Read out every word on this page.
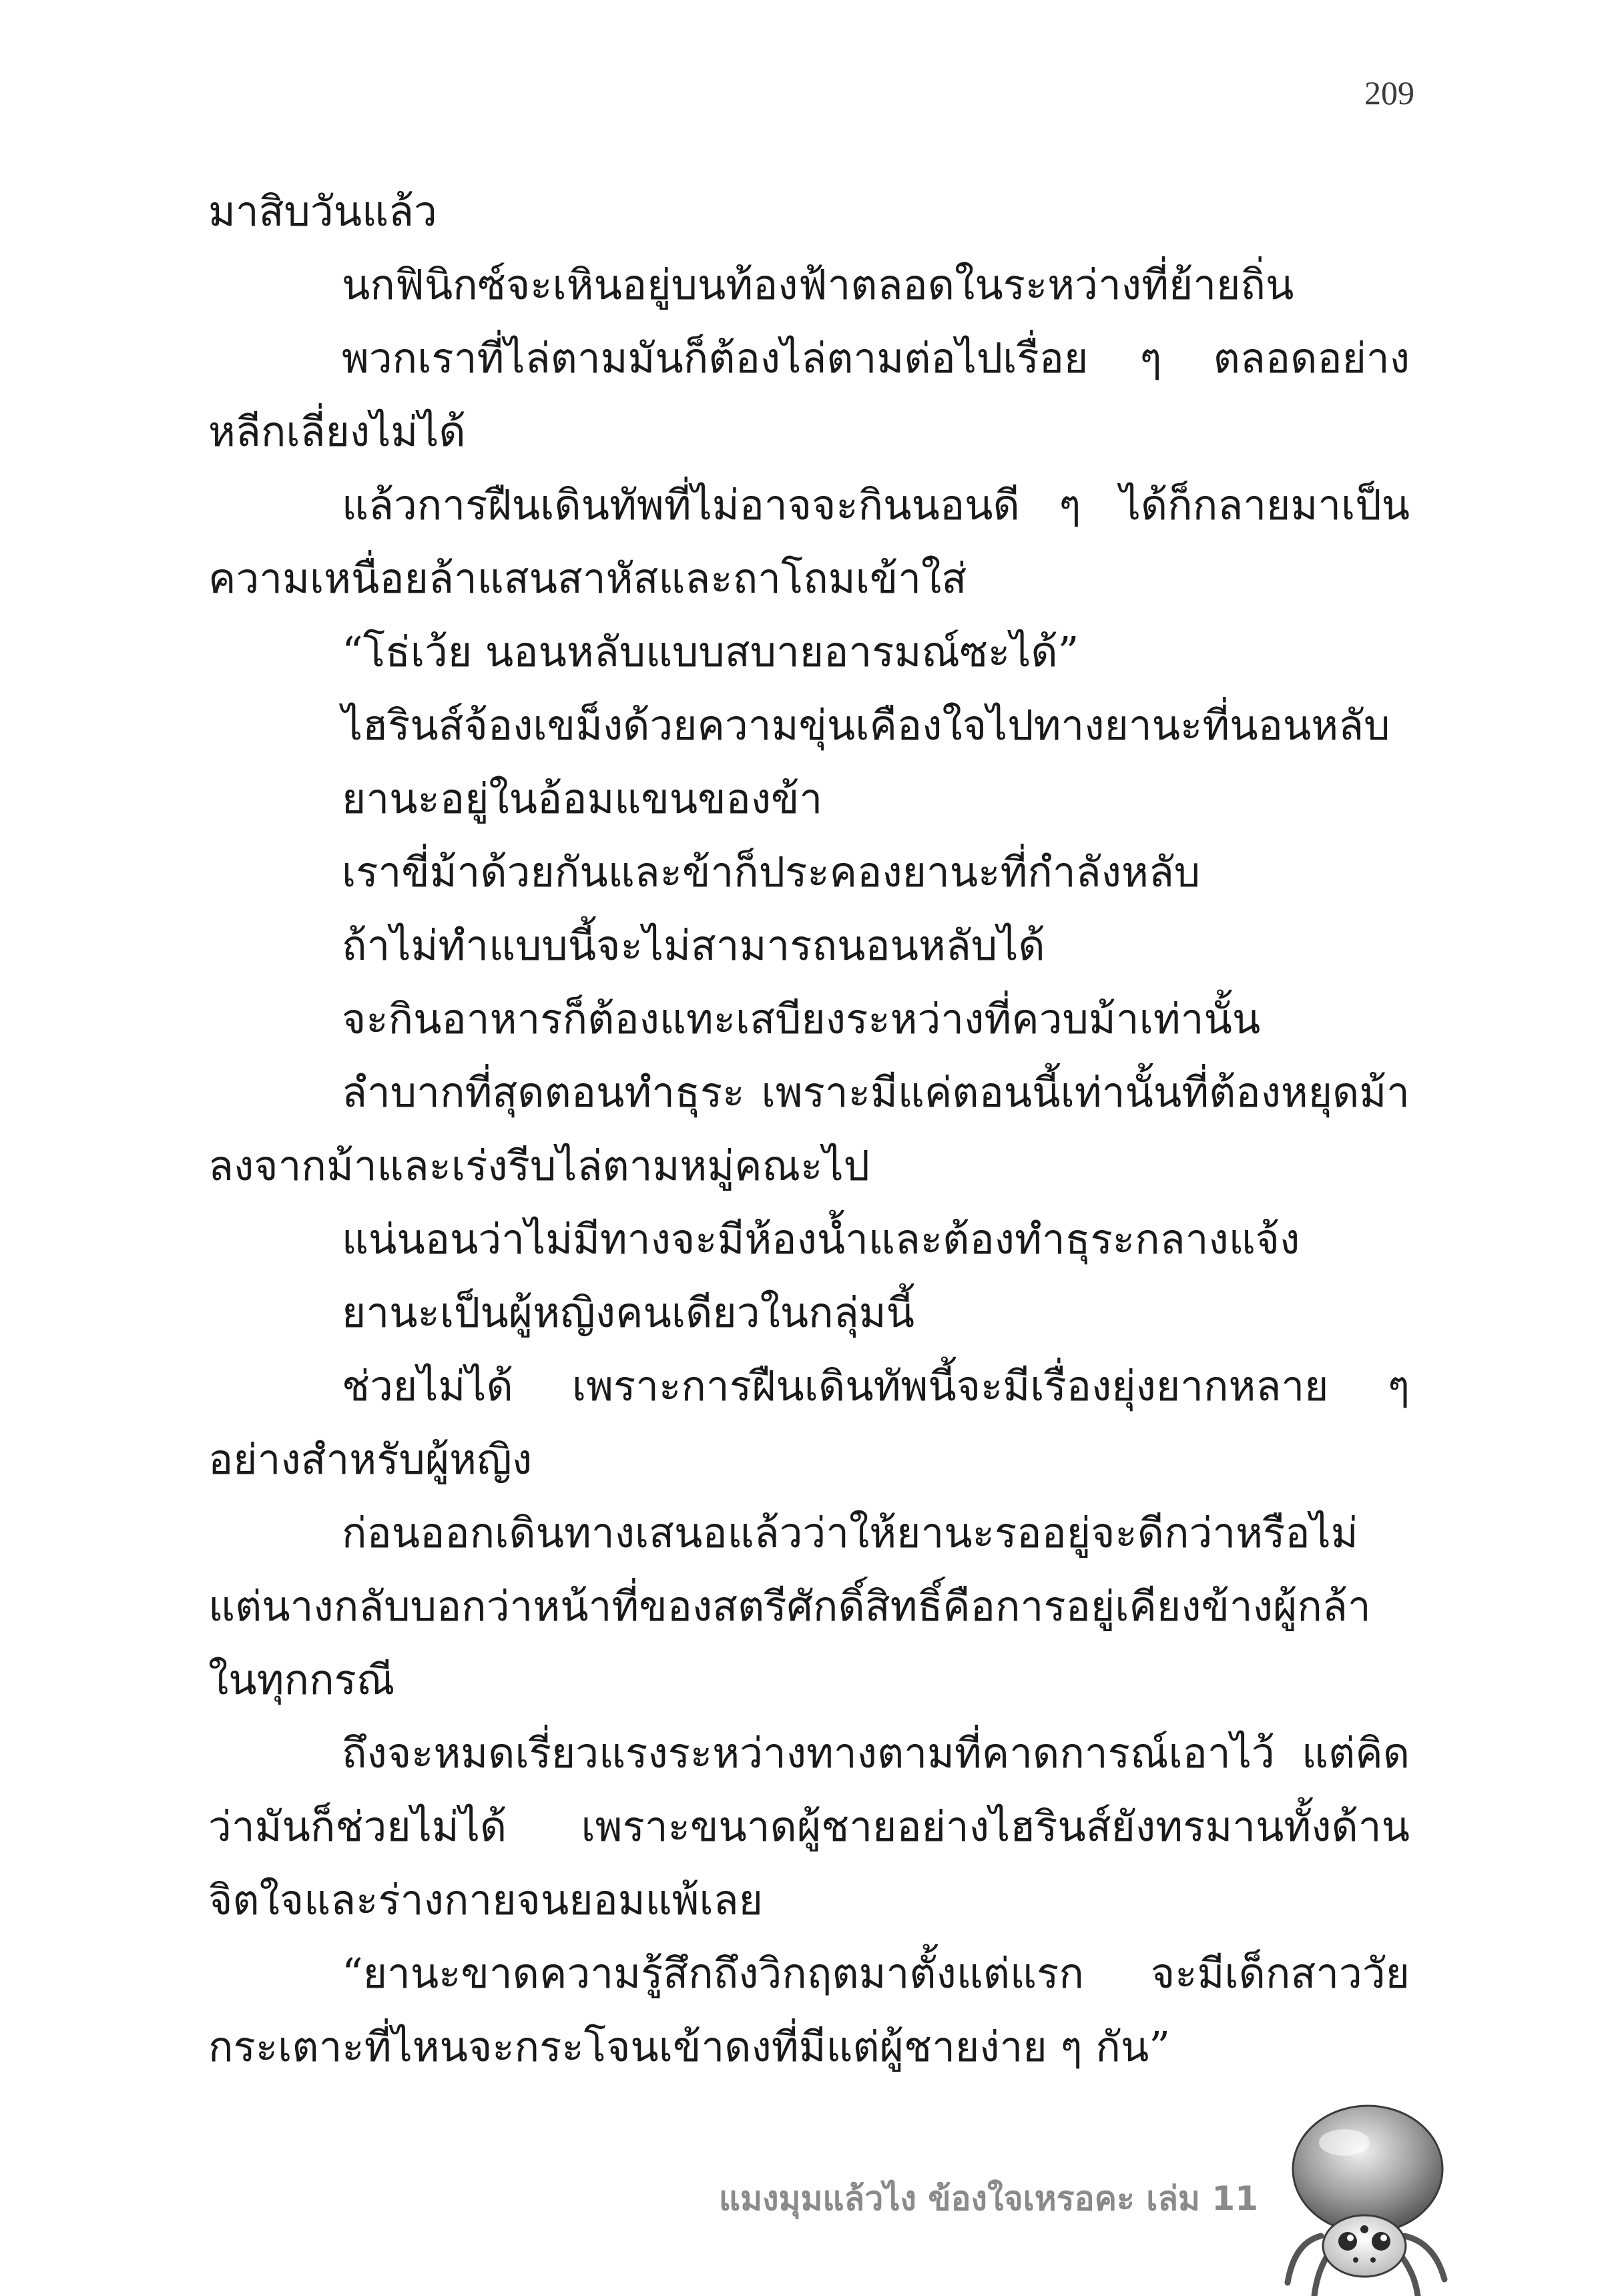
209

มาสิบวันแล้ว

นกฟินิกซ์จะเหินอยู่บนท้องฟ้าตลอดในระหว่างที่ย้ายถิ่น

พวกเราที่ไล่ตามมันก็ต้องไล่ตามต่อไปเรื่อย ๆ ตลอดอย่างหลีกเลี่ยงไม่ได้

แล้วการฝืนเดินทัพที่ไม่อาจจะกินนอนดี ๆ ได้ก็กลายมาเป็นความเหนื่อยล้าแสนสาหัสและถาโถมเข้าใส่

“โธ่เว้ย นอนหลับแบบสบายอารมณ์ซะได้”

ไฮรินส์จ้องเขม็งด้วยความขุ่นเคืองใจไปทางยานะที่นอนหลับ

ยานะอยู่ในอ้อมแขนของข้า

เราขี่ม้าด้วยกันและข้าก็ประคองยานะที่กำลังหลับ

ถ้าไม่ทำแบบนี้จะไม่สามารถนอนหลับได้

จะกินอาหารก็ต้องแทะเสบียงระหว่างที่ควบม้าเท่านั้น

ลำบากที่สุดตอนทำธุระ เพราะมีแค่ตอนนี้เท่านั้นที่ต้องหยุดม้า ลงจากม้าและเร่งรีบไล่ตามหมู่คณะไป

แน่นอนว่าไม่มีทางจะมีห้องน้ำและต้องทำธุระกลางแจ้ง

ยานะเป็นผู้หญิงคนเดียวในกลุ่มนี้

ช่วยไม่ได้ เพราะการฝืนเดินทัพนี้จะมีเรื่องยุ่งยากหลาย ๆ อย่างสำหรับผู้หญิง

ก่อนออกเดินทางเสนอแล้วว่าให้ยานะรออยู่จะดีกว่าหรือไม่ แต่นางกลับบอกว่าหน้าที่ของสตรีศักดิ์สิทธิ์คือการอยู่เคียงข้างผู้กล้าในทุกกรณี

ถึงจะหมดเรี่ยวแรงระหว่างทางตามที่คาดการณ์เอาไว้ แต่คิดว่ามันก็ช่วยไม่ได้ เพราะขนาดผู้ชายอย่างไฮรินส์ยังทรมานทั้งด้านจิตใจและร่างกายจนยอมแพ้เลย

“ยานะขาดความรู้สึกถึงวิกฤตมาตั้งแต่แรก จะมีเด็กสาววัยกระเตาะที่ไหนจะกระโจนเข้าดงที่มีแต่ผู้ชายง่าย ๆ กัน”

แมงมุมแล้วไง ข้องใจเหรอคะ เล่ม 11
